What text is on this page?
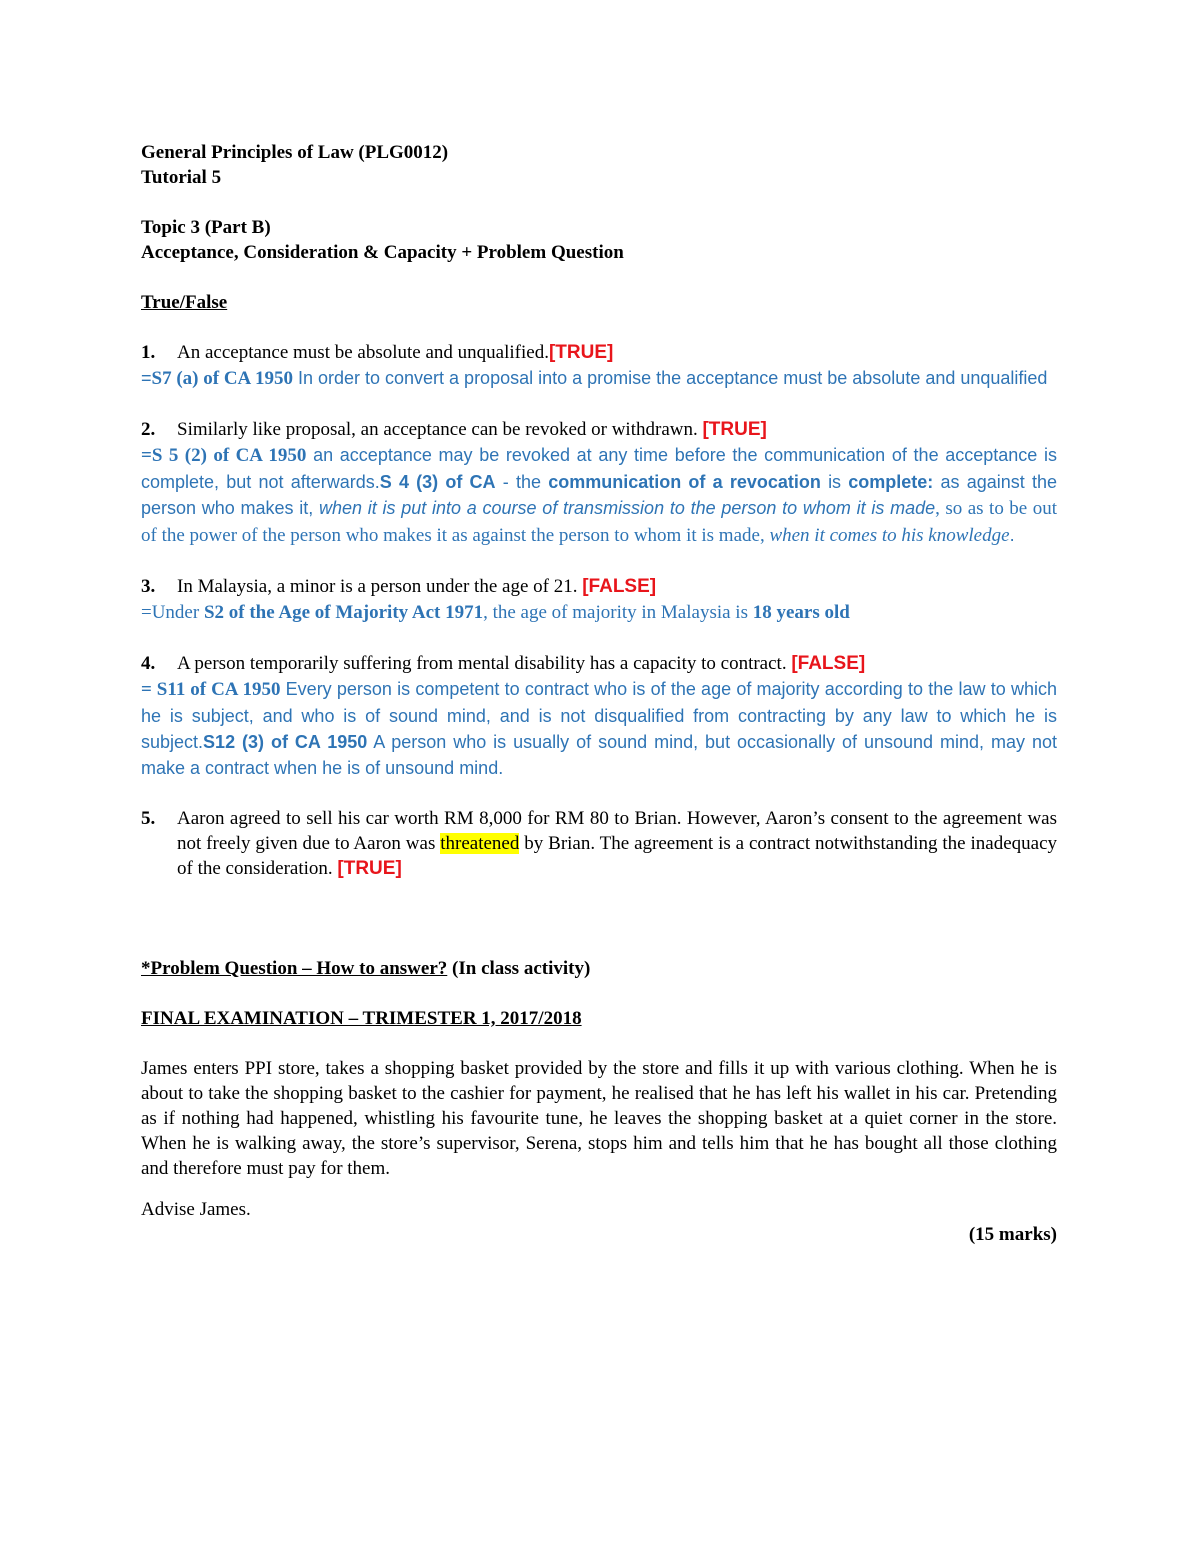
General Principles of Law (PLG0012)
Tutorial 5
Topic 3 (Part B)
Acceptance, Consideration & Capacity + Problem Question
True/False
1.	An acceptance must be absolute and unqualified.[TRUE]
=S7 (a) of CA 1950 In order to convert a proposal into a promise the acceptance must be absolute and unqualified
2.	Similarly like proposal, an acceptance can be revoked or withdrawn. [TRUE]
=S 5 (2) of CA 1950 an acceptance may be revoked at any time before the communication of the acceptance is complete, but not afterwards.S 4 (3) of CA - the communication of a revocation is complete: as against the person who makes it, when it is put into a course of transmission to the person to whom it is made, so as to be out of the power of the person who makes it as against the person to whom it is made, when it comes to his knowledge.
3.	In Malaysia, a minor is a person under the age of 21. [FALSE]
=Under S2 of the Age of Majority Act 1971, the age of majority in Malaysia is 18 years old
4.	A person temporarily suffering from mental disability has a capacity to contract. [FALSE]
= S11 of CA 1950 Every person is competent to contract who is of the age of majority according to the law to which he is subject, and who is of sound mind, and is not disqualified from contracting by any law to which he is subject.S12 (3) of CA 1950 A person who is usually of sound mind, but occasionally of unsound mind, may not make a contract when he is of unsound mind.
5.	Aaron agreed to sell his car worth RM 8,000 for RM 80 to Brian. However, Aaron’s consent to the agreement was not freely given due to Aaron was threatened by Brian. The agreement is a contract notwithstanding the inadequacy of the consideration. [TRUE]
*Problem Question – How to answer? (In class activity)
FINAL EXAMINATION – TRIMESTER 1, 2017/2018
James enters PPI store, takes a shopping basket provided by the store and fills it up with various clothing. When he is about to take the shopping basket to the cashier for payment, he realised that he has left his wallet in his car. Pretending as if nothing had happened, whistling his favourite tune, he leaves the shopping basket at a quiet corner in the store. When he is walking away, the store’s supervisor, Serena, stops him and tells him that he has bought all those clothing and therefore must pay for them.
Advise James.
(15 marks)
